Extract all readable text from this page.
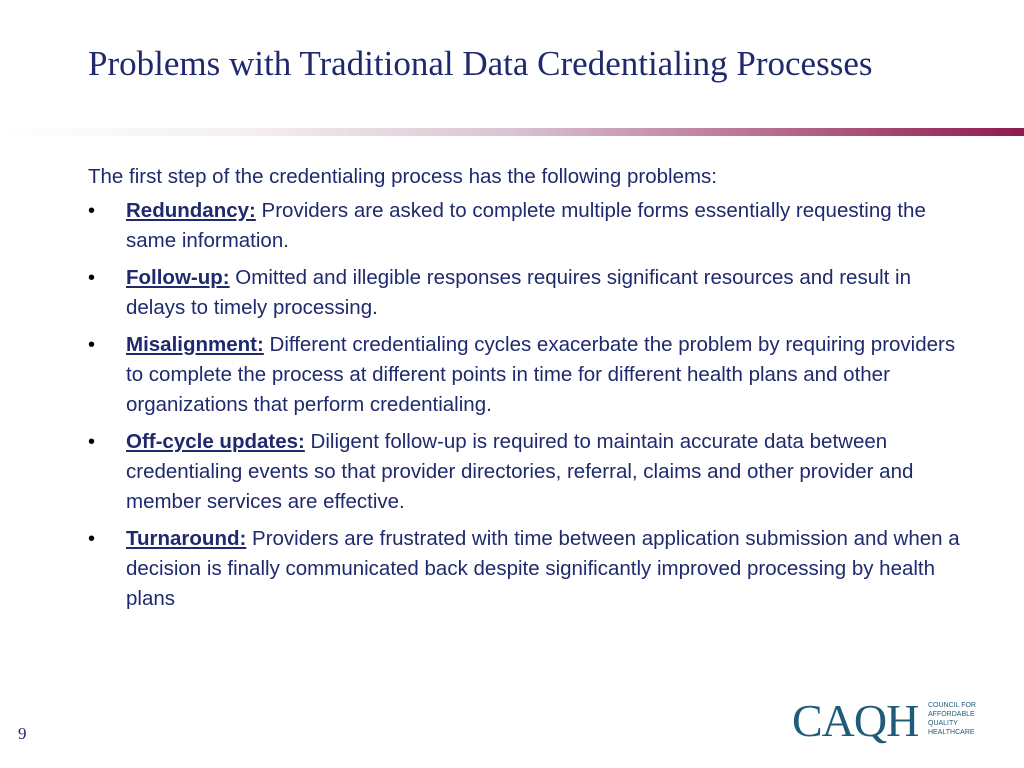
Problems with Traditional Data Credentialing Processes

The first step of the credentialing process has the following problems:

• Redundancy: Providers are asked to complete multiple forms essentially requesting the same information.
• Follow-up: Omitted and illegible responses requires significant resources and result in delays to timely processing.
• Misalignment: Different credentialing cycles exacerbate the problem by requiring providers to complete the process at different points in time for different health plans and other organizations that perform credentialing.
• Off-cycle updates: Diligent follow-up is required to maintain accurate data between credentialing events so that provider directories, referral, claims and other provider and member services are effective.
• Turnaround: Providers are frustrated with time between application submission and when a decision is finally communicated back despite significantly improved processing by health plans
9	CAQH COUNCIL FOR
AFFORDABLE
QUALITY
HEALTHCARE
